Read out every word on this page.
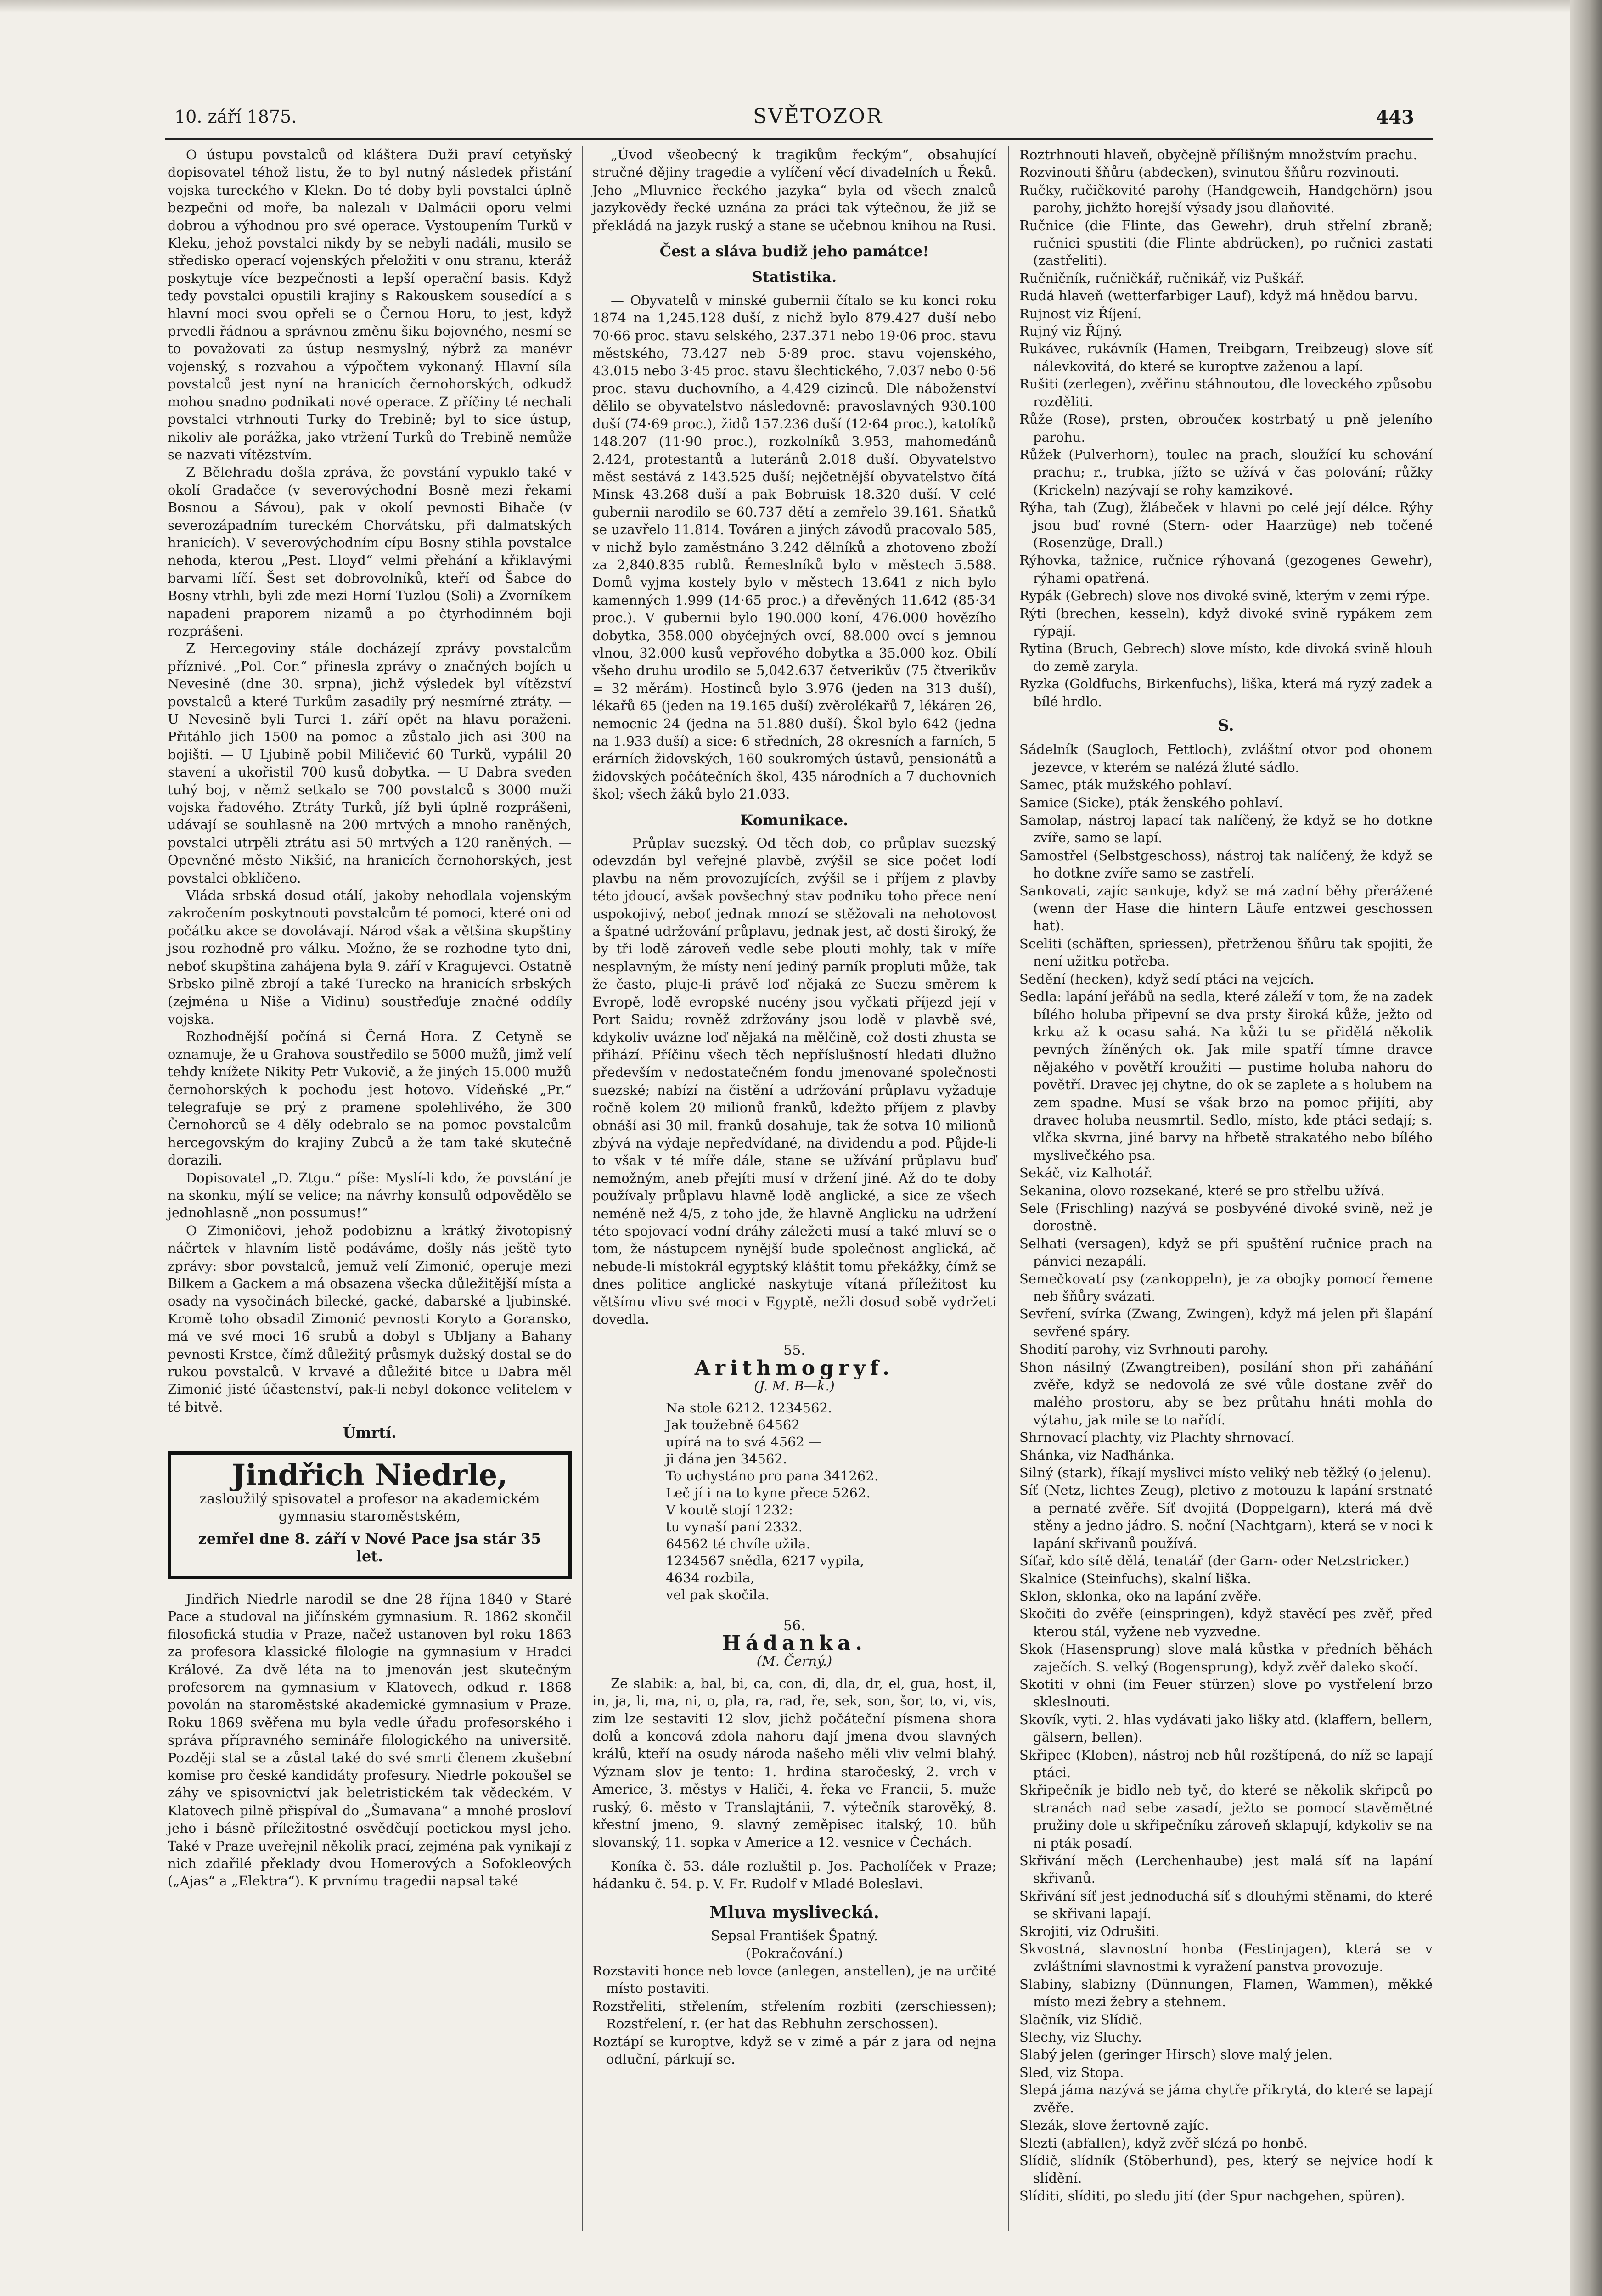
10. září 1875.	SVĚTOZOR	443

O ústupu povstalců od kláštera Duži praví cetyňský dopisovatel téhož listu, že to byl nutný následek přistání vojska tureckého v Klekn. Do té doby byli povstalci úplně bezpečni od moře, ba nalezali v Dalmácii oporu velmi dobrou a výhodnou pro své operace. Vystoupením Turků v Kleku, jehož povstalci nikdy by se nebyli nadáli, musilo se středisko operací vojenských přeložiti v onu stranu, kteráž poskytuje více bezpečnosti a lepší operační basis. Když tedy povstalci opustili krajiny s Rakouskem sousedící a s hlavní moci svou opřeli se o Černou Horu, to jest, když prvedli řádnou a správnou změnu šiku bojovného, nesmí se to považovati za ústup nesmyslný, nýbrž za manévr vojenský, s rozvahou a výpočtem vykonaný. Hlavní síla povstalců jest nyní na hranicích černohorských, odkudž mohou snadno podnikati nové operace. Z příčiny té nechali povstalci vtrhnouti Turky do Trebině; byl to sice ústup, nikoliv ale porážka, jako vtržení Turků do Trebině nemůže se nazvati vítězstvím.

Z Bělehradu došla zpráva, že povstání vypuklo také v okolí Gradačce (v severovýchodní Bosně mezi řekami Bosnou a Sávou), pak v okolí pevnosti Bihače (v severozápadním tureckém Chorvátsku, při dalmatských hranicích). V severovýchodním cípu Bosny stihla povstalce nehoda, kterou „Pest. Lloyd“ velmi přehání a křiklavými barvami líčí. Šest set dobrovolníků, kteří od Šabce do Bosny vtrhli, byli zde mezi Horní Tuzlou (Soli) a Zvorníkem napadeni praporem nizamů a po čtyrhodinném boji rozprášeni.

Z Hercegoviny stále docházejí zprávy povstalcům příznivé. „Pol. Cor.“ přinesla zprávy o značných bojích u Nevesině (dne 30. srpna), jichž výsledek byl vítězství povstalců a které Turkům zasadily prý nesmírné ztráty. — U Nevesině byli Turci 1. září opět na hlavu poraženi. Přitáhlo jich 1500 na pomoc a zůstalo jich asi 300 na bojišti. — U Ljubině pobil Miličević 60 Turků, vypálil 20 stavení a ukořistil 700 kusů dobytka. — U Dabra sveden tuhý boj, v němž setkalo se 700 povstalců s 3000 muži vojska řadového. Ztráty Turků, jíž byli úplně rozprášeni, udávají se souhlasně na 200 mrtvých a mnoho raněných, povstalci utrpěli ztrátu asi 50 mrtvých a 120 raněných. — Opevněné město Nikšić, na hranicích černohorských, jest povstalci obklíčeno.

Vláda srbská dosud otálí, jakoby nehodlala vojenským zakročením poskytnouti povstalcům té pomoci, které oni od počátku akce se dovolávají. Národ však a většina skupštiny jsou rozhodně pro válku. Možno, že se rozhodne tyto dni, neboť skupština zahájena byla 9. září v Kragujevci. Ostatně Srbsko pilně zbrojí a také Turecko na hranicích srbských (zejména u Niše a Vidinu) soustřeďuje značné oddíly vojska.

Rozhodnější počíná si Černá Hora. Z Cetyně se oznamuje, že u Grahova soustředilo se 5000 mužů, jimž velí tehdy knížete Nikity Petr Vukovič, a že jiných 15.000 mužů černohorských k pochodu jest hotovo. Vídeňské „Pr.“ telegrafuje se prý z pramene spolehlivého, že 300 Černohorců se 4 děly odebralo se na pomoc povstalcům hercegovským do krajiny Zubců a že tam také skutečně dorazili.

Dopisovatel „D. Ztgu.“ píše: Myslí-li kdo, že povstání je na skonku, mýlí se velice; na návrhy konsulů odpovědělo se jednohlasně „non possumus!“

O Zimoničovi, jehož podobiznu a krátký životopisný náčrtek v hlavním listě podáváme, došly nás ještě tyto zprávy: sbor povstalců, jemuž velí Zimonić, operuje mezi Bilkem a Gackem a má obsazena všecka důležitější místa a osady na vysočinách bilecké, gacké, dabarské a ljubinské. Kromě toho obsadil Zimonić pevnosti Koryto a Goransko, má ve své moci 16 srubů a dobyl s Ubljany a Bahany pevnosti Krstce, čímž důležitý průsmyk dužský dostal se do rukou povstalců. V krvavé a důležité bitce u Dabra měl Zimonić jisté účastenství, pak-li nebyl dokonce velitelem v té bitvě.

Úmrtí.
Jindřich Niedrle,
zasloužilý spisovatel a profesor na akademickém gymnasiu staroměstském,
zemřel dne 8. září v Nové Pace jsa stár 35 let.

Jindřich Niedrle narodil se dne 28 října 1840 v Staré Pace a studoval na jičínském gymnasium. R. 1862 skončil filosofická studia v Praze, načež ustanoven byl roku 1863 za profesora klassické filologie na gymnasium v Hradci Králové. Za dvě léta na to jmenován jest skutečným profesorem na gymnasium v Klatovech, odkud r. 1868 povolán na staroměstské akademické gymnasium v Praze. Roku 1869 svěřena mu byla vedle úřadu profesorského i správa přípravného semináře filologického na universitě. Později stal se a zůstal také do své smrti členem zkušební komise pro české kandidáty profesury. Niedrle pokoušel se záhy ve spisovnictví jak beletristickém tak vědeckém. V Klatovech pilně přispíval do „Šumavana“ a mnohé prosloví jeho i básně příležitostné osvědčují poetickou mysl jeho. Také v Praze uveřejnil několik prací, zejména pak vynikají z nich zdařilé překlady dvou Homerových a Sofokleových („Ajas“ a „Elektra“). K prvnímu tragedii napsal také

„Úvod všeobecný k tragikům řeckým“, obsahující stručné dějiny tragedie a vylíčení věcí divadelních u Řeků. Jeho „Mluvnice řeckého jazyka“ byla od všech znalců jazykovědy řecké uznána za práci tak výtečnou, že již se překládá na jazyk ruský a stane se učebnou knihou na Rusi.

Čest a sláva budiž jeho památce!
Statistika.

— Obyvatelů v minské gubernii čítalo se ku konci roku 1874 na 1,245.128 duší, z nichž bylo 879.427 duší nebo 70·66 proc. stavu selského, 237.371 nebo 19·06 proc. stavu městského, 73.427 neb 5·89 proc. stavu vojenského, 43.015 nebo 3·45 proc. stavu šlechtického, 7.037 nebo 0·56 proc. stavu duchovního, a 4.429 cizinců. Dle náboženství dělilo se obyvatelstvo následovně: pravoslavných 930.100 duší (74·69 proc.), židů 157.236 duší (12·64 proc.), katolíků 148.207 (11·90 proc.), rozkolníků 3.953, mahomedánů 2.424, protestantů a luteránů 2.018 duší. Obyvatelstvo měst sestává z 143.525 duší; nejčetnější obyvatelstvo čítá Minsk 43.268 duší a pak Bobruisk 18.320 duší. V celé gubernii narodilo se 60.737 dětí a zemřelo 39.161. Sňatků se uzavřelo 11.814. Továren a jiných závodů pracovalo 585, v nichž bylo zaměstnáno 3.242 dělníků a zhotoveno zboží za 2,840.835 rublů. Řemeslníků bylo v městech 5.588. Domů vyjma kostely bylo v městech 13.641 z nich bylo kamenných 1.999 (14·65 proc.) a dřevěných 11.642 (85·34 proc.). V gubernii bylo 190.000 koní, 476.000 hovězího dobytka, 358.000 obyčejných ovcí, 88.000 ovcí s jemnou vlnou, 32.000 kusů vepřového dobytka a 35.000 koz. Obilí všeho druhu urodilo se 5,042.637 četverikův (75 čtverikův = 32 měrám). Hostinců bylo 3.976 (jeden na 313 duší), lékařů 65 (jeden na 19.165 duší) zvěrolékařů 7, lékáren 26, nemocnic 24 (jedna na 51.880 duší). Škol bylo 642 (jedna na 1.933 duší) a sice: 6 středních, 28 okresních a farních, 5 erárních židovských, 160 soukromých ústavů, pensionátů a židovských počátečních škol, 435 národních a 7 duchovních škol; všech žáků bylo 21.033.

Komunikace.

— Průplav suezský. Od těch dob, co průplav suezský odevzdán byl veřejné plavbě, zvýšil se sice počet lodí plavbu na něm provozujících, zvýšil se i příjem z plavby této jdoucí, avšak povšechný stav podniku toho přece není uspokojivý, neboť jednak mnozí se stěžovali na nehotovost a špatné udržování průplavu, jednak jest, ač dosti široký, že by tři lodě zároveň vedle sebe plouti mohly, tak v míře nesplavným, že místy není jediný parník propluti může, tak že často, pluje-li právě loď nějaká ze Suezu směrem k Evropě, lodě evropské nucény jsou vyčkati příjezd její v Port Saidu; rovněž zdržovány jsou lodě v plavbě své, kdykoliv uvázne loď nějaká na mělčině, což dosti zhusta se přihází. Příčinu všech těch nepříslušností hledati dlužno především v nedostatečném fondu jmenované společnosti suezské; nabízí na čistění a udržování průplavu vyžaduje ročně kolem 20 milionů franků, kdežto příjem z plavby obnáší asi 30 mil. franků dosahuje, tak že sotva 10 milionů zbývá na výdaje nepředvídané, na dividendu a pod. Půjde-li to však v té míře dále, stane se užívání průplavu buď nemožným, aneb přejíti musí v držení jiné. Až do te doby používaly průplavu hlavně lodě anglické, a sice ze všech neméně než 4/5, z toho jde, že hlavně Anglicku na udržení této spojovací vodní dráhy záležeti musí a také mluví se o tom, že nástupcem nynější bude společnost anglická, ač nebude-li místokrál egyptský kláštit tomu překážky, čímž se dnes politice anglické naskytuje vítaná příležitost ku většímu vlivu své moci v Egyptě, nežli dosud sobě vydržeti dovedla.

55.
Arithmogryf.
(J. M. B—k.)
Na stole 6212. 1234562.
Jak toužebně 64562
upírá na to svá 4562 —
ji dána jen 34562.
To uchystáno pro pana 341262.
Leč jí i na to kyne přece 5262.
V koutě stojí 1232:
tu vynaší paní 2332.
64562 té chvíle užila.
1234567 snědla, 6217 vypila,
4634 rozbila,
vel pak skočila.
56.
Hádanka.
(M. Černý.)

Ze slabik: a, bal, bi, ca, con, di, dla, dr, el, gua, host, il, in, ja, li, ma, ni, o, pla, ra, rad, ře, sek, son, šor, to, vi, vis, zim lze sestaviti 12 slov, jichž počáteční písmena shora dolů a koncová zdola nahoru dají jmena dvou slavných králů, kteří na osudy národa našeho měli vliv velmi blahý. Význam slov je tento: 1. hrdina staročeský, 2. vrch v Americe, 3. městys v Haliči, 4. řeka ve Francii, 5. muže ruský, 6. město v Translajtánii, 7. výtečník starověký, 8. křestní jmeno, 9. slavný zeměpisec italský, 10. bůh slovanský, 11. sopka v Americe a 12. vesnice v Čechách.

Koníka č. 53. dále rozluštil p. Jos. Pacholíček v Praze; hádanku č. 54. p. V. Fr. Rudolf v Mladé Boleslavi.

Mluva myslivecká.
Sepsal František Špatný.
(Pokračování.)

Rozstaviti honce neb lovce (anlegen, anstellen), je na určité místo postaviti.

Rozstřeliti, střelením, střelením rozbiti (zerschiessen); Rozstřelení, r. (er hat das Rebhuhn zerschossen).

Roztápí se kuroptve, když se v zimě a pár z jara od nejna odluční, párkují se.

Roztrhnouti hlaveň, obyčejně přílišným množstvím prachu.

Rozvinouti šňůru (abdecken), svinutou šňůru rozvinouti.

Ručky, ručičkovité parohy (Handgeweih, Handgehörn) jsou parohy, jichžto horejší výsady jsou dlaňovité.

Ručnice (die Flinte, das Gewehr), druh střelní zbraně; ručnici spustiti (die Flinte abdrücken), po ručnici zastati (zastřeliti).

Ručničník, ručničkář, ručnikář, viz Puškář.

Rudá hlaveň (wetterfarbiger Lauf), když má hnědou barvu.

Rujnost viz Říjení.

Rujný viz Říjný.

Rukávec, rukávník (Hamen, Treibgarn, Treibzeug) slove síť nálevkovitá, do které se kuroptve zaženou a lapí.

Rušiti (zerlegen), zvěřinu stáhnoutou, dle loveckého způsobu rozděliti.

Růže (Rose), prsten, obroučeк kostrbatý u pně jeleního parohu.

Růžek (Pulverhorn), toulec na prach, sloužící ku schování prachu; r., trubka, jížto se užívá v čas polování; růžky (Krickeln) nazývají se rohy kamzikové.

Rýha, tah (Zug), žlábeček v hlavni po celé její délce. Rýhy jsou buď rovné (Stern- oder Haarzüge) neb točené (Rosenzüge, Drall.)

Rýhovka, tažnice, ručnice rýhovaná (gezogenes Gewehr), rýhami opatřená.

Rypák (Gebrech) slove nos divoké svině, kterým v zemi rýpe.

Rýti (brechen, kesseln), když divoké svině rypákem zem rýpají.

Rytina (Bruch, Gebrech) slove místo, kde divoká svině hlouh do země zaryla.

Ryzka (Goldfuchs, Birkenfuchs), liška, která má ryzý zadek a bílé hrdlo.

S.

Sádelník (Saugloch, Fettloch), zvláštní otvor pod ohonem jezevce, v kterém se nalézá žluté sádlo.

Samec, pták mužského pohlaví.

Samice (Sicke), pták ženského pohlaví.

Samolap, nástroj lapací tak nalíčený, že když se ho dotkne zvíře, samo se lapí.

Samostřel (Selbstgeschoss), nástroj tak nalíčený, že když se ho dotkne zvíře samo se zastřelí.

Sankovati, zajíc sankuje, když se má zadní běhy přerážené (wenn der Hase die hintern Läufe entzwei geschossen hat).

Sceliti (schäften, spriessen), přetrženou šňůru tak spojiti, že není užitku potřeba.

Sedění (hecken), když sedí ptáci na vejcích.

Sedla: lapání jeřábů na sedla, které záleží v tom, že na zadek bílého holuba připevní se dva prsty široká kůže, ježto od krku až k ocasu sahá. Na kůži tu se přidělá několik pevných žíněných ok. Jak mile spatří tímne dravce nějakého v povětří kroužiti — pustime holuba nahoru do povětří. Dravec jej chytne, do ok se zaplete a s holubem na zem spadne. Musí se však brzo na pomoc přijíti, aby dravec holuba neusmrtil. Sedlo, místo, kde ptáci sedají; s. vlčka skvrna, jiné barvy na hřbetě strakatého nebo bílého myslivečkého psa.

Sekáč, viz Kalhotář.

Sekanina, olovo rozsekané, které se pro střelbu užívá.

Sele (Frischling) nazývá se posbyvéné divoké svině, než je dorostně.

Selhati (versagen), když se při spuštění ručnice prach na pánvici nezapálí.

Semečkovatí psy (zankoppeln), je za obojky pomocí řemene neb šňůry svázati.

Sevření, svírka (Zwang, Zwingen), když má jelen při šlapání sevřené spáry.

Shodití parohy, viz Svrhnouti parohy.

Shon násilný (Zwangtreiben), posílání shon při zaháňání zvěře, když se nedovolá ze své vůle dostane zvěř do malého prostoru, aby se bez průtahu hnáti mohla do výtahu, jak mile se to nařídí.

Shrnovací plachty, viz Plachty shrnovací.

Shánka, viz Naďhánka.

Silný (stark), říkají myslivci místo veliký neb těžký (o jelenu).

Síť (Netz, lichtes Zeug), pletivo z motouzu k lapání srstnaté a pernaté zvěře. Síť dvojitá (Doppelgarn), která má dvě stěny a jedno jádro. S. noční (Nachtgarn), která se v noci k lapání skřivanů používá.

Síťař, kdo sítě dělá, tenatář (der Garn- oder Netzstricker.)

Skalnice (Steinfuchs), skalní liška.

Sklon, sklonka, oko na lapání zvěře.

Skočiti do zvěře (einspringen), když stavěcí pes zvěř, před kterou stál, vyžene neb vyzvedne.

Skok (Hasensprung) slove malá kůstka v předních běhách zaječích. S. velký (Bogensprung), když zvěř daleko skočí.

Skotiti v ohni (im Feuer stürzen) slove po vystřelení brzo skleslnouti.

Skovík, vyti. 2. hlas vydávati jako lišky atd. (klaffern, bellern, gälsern, bellen).

Skřipec (Kloben), nástroj neb hůl rozštípená, do níž se lapají ptáci.

Skřipečník je bidlo neb tyč, do které se několik skřipců po stranách nad sebe zasadí, ježto se pomocí stavěmětné pružiny dole u skřipečníku zároveň sklapují, kdykoliv se na ni pták posadí.

Skřivání měch (Lerchenhaube) jest malá síť na lapání skřivanů.

Skřivání síť jest jednoduchá síť s dlouhými stěnami, do které se skřivani lapají.

Skrojiti, viz Odrušiti.

Skvostná, slavnostní honba (Festinjagen), která se v zvláštními slavnostmi k vyražení panstva provozuje.

Slabiny, slabizny (Dünnungen, Flamen, Wammen), měkké místo mezi žebry a stehnem.

Slačník, viz Slídič.

Slechy, viz Sluchy.

Slabý jelen (geringer Hirsch) slove malý jelen.

Sled, viz Stopa.

Slepá jáma nazývá se jáma chytře přikrytá, do které se lapají zvěře.

Slezák, slove žertovně zajíc.

Slezti (abfallen), když zvěř slézá po honbě.

Slídič, slídník (Stöberhund), pes, který se nejvíce hodí k slídění.

Slíditi, slíditi, po sledu jití (der Spur nachgehen, spüren).
